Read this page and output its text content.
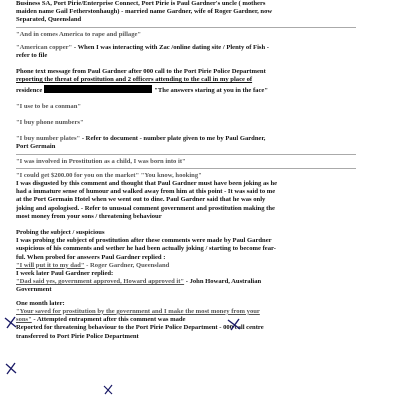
Business SA, Port Pirie/Enterprise Connect, Port Pirie is Paul Gardner's uncle ( mothers
maiden name Gail Fetherstonhaugh) - married name Gardner, wife of Roger Gardner, now
Separated, Queensland
"And in comes America to rape and pillage"
"American copper" - When I was interacting with Zac /online dating site / Plenty of Fish -
refer to file
Phone text message from Paul Gardner after 000 call to the Port Pirie Police Department
reporting the threat of prostitution and 2 officers attending to the call in my place of
residence	"The answers staring at you in the face"
"I use to be a conman"
"I buy phone numbers"
"I buy number plates" - Refer to document - number plate given to me by Paul Gardner,
Port Germain
"I was involved in Prostitution as a child, I was born into it"
"I could get $200.00 for you on the market" "You know, hooking"
I was disgusted by this comment and thought that Paul Gardner must have been joking as he
had a immature sense of humour and walked away from him at this point - It was said to me
at the Port Germain Hotel when we went out to dine. Paul Gardner said that he was only
joking and apologised. - Refer to unusual comment government and prostitution making the
most money from your sons / threatening behaviour
Probing the subject / suspicious
I was probing the subject of prostitution after these comments were made by Paul Gardner
suspicious of his comments and wether he had been actually joking / starting to become fear-
ful. When probed for answers Paul Gardner replied :
"I will put it to my dad" - Roger Gardner, Queensland
I week later Paul Gardner replied:
"Dad said yes, government approved, Howard approved it" - John Howard, Australian
Government
One month later:
"Your saved for prostitution by the government and I make the most money from your
sons" - Attempted entrapment after this comment was made
Reported for threatening behaviour to the Port Pirie Police Department - 000 call centre
transferred to Port Pirie Police Department
